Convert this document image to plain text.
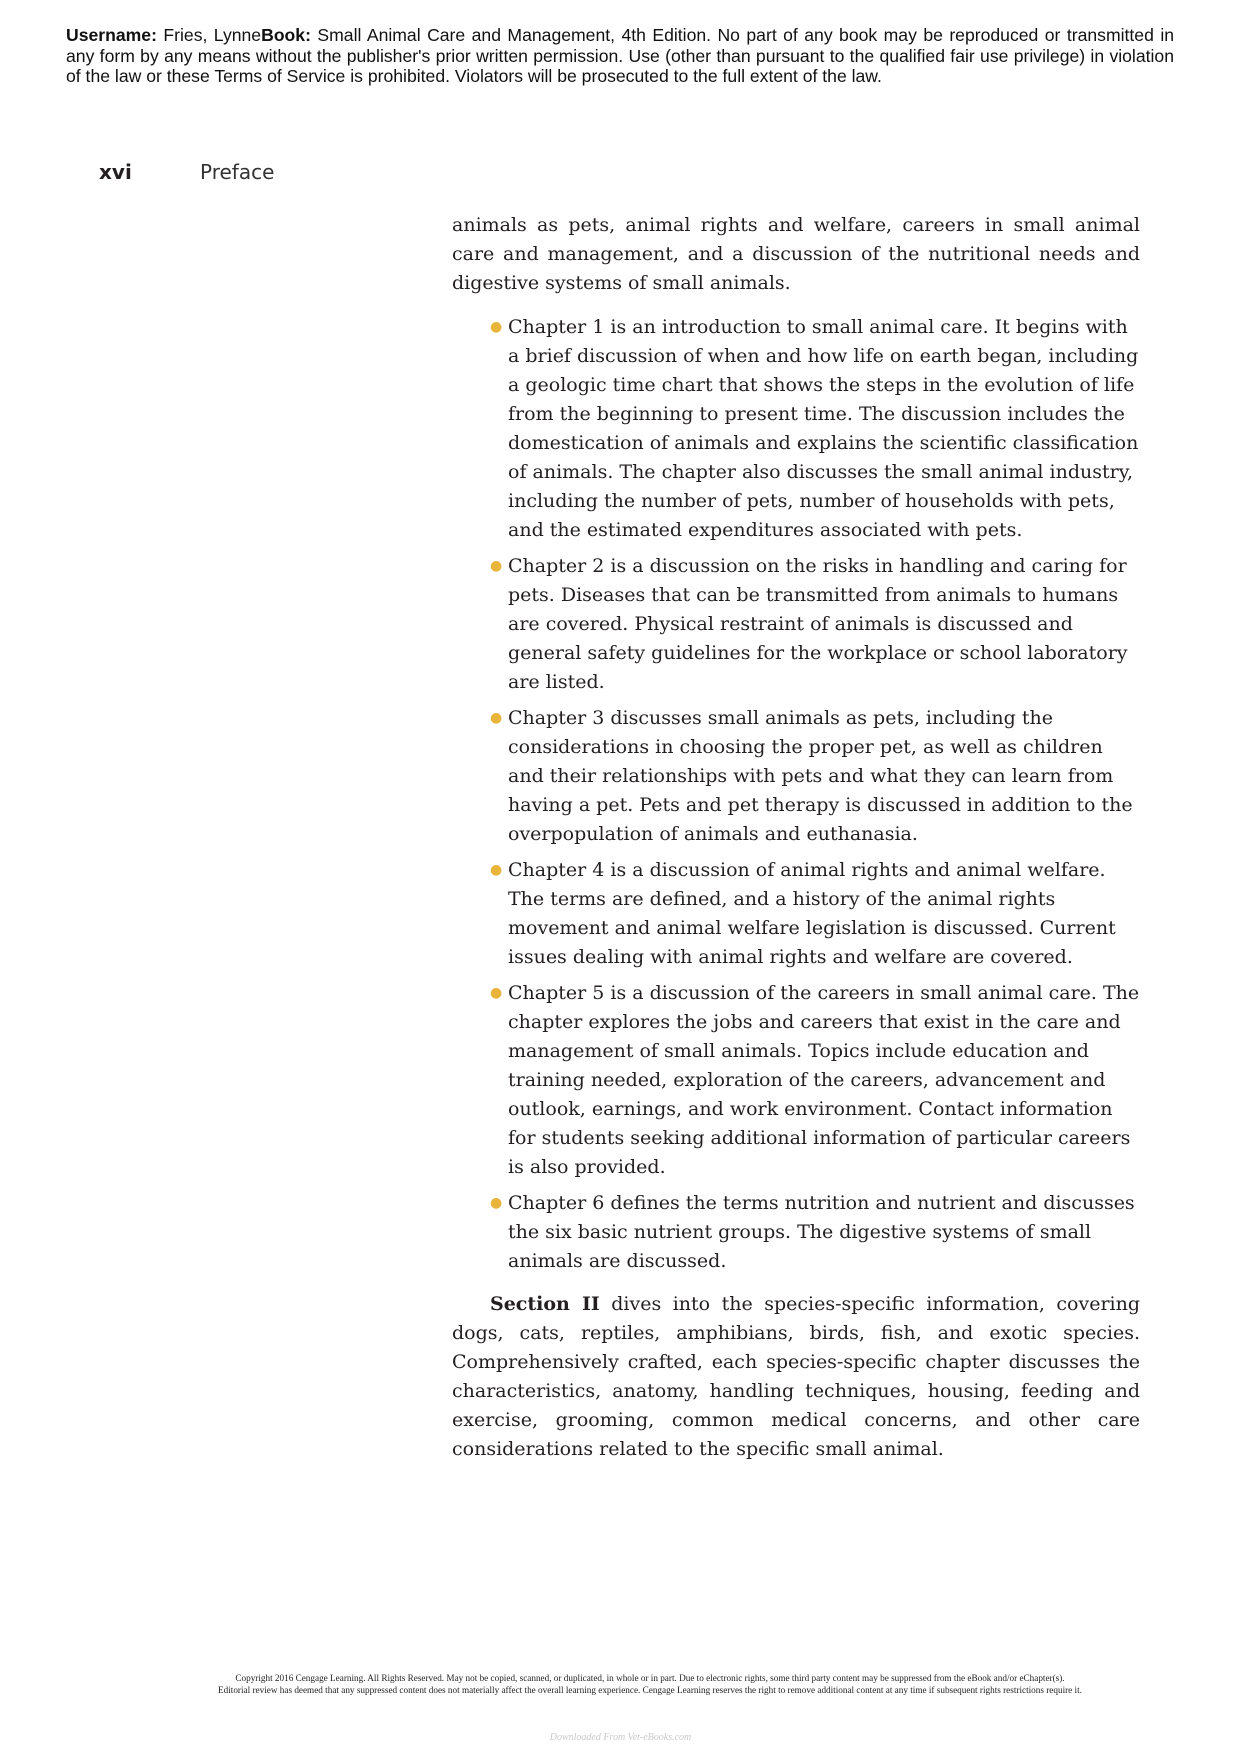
Username: Fries, LynneBook: Small Animal Care and Management, 4th Edition. No part of any book may be reproduced or transmitted in any form by any means without the publisher's prior written permission. Use (other than pursuant to the qualified fair use privilege) in violation of the law or these Terms of Service is prohibited. Violators will be prosecuted to the full extent of the law.
xvi	Preface

animals as pets, animal rights and welfare, careers in small animal care and management, and a discussion of the nutritional needs and digestive systems of small animals.

● Chapter 1 is an introduction to small animal care. It begins with a brief discussion of when and how life on earth began, including a geologic time chart that shows the steps in the evolution of life from the beginning to present time. The discussion includes the domestication of animals and explains the scientific classification of animals. The chapter also discusses the small animal industry, including the number of pets, number of households with pets, and the estimated expenditures associated with pets.
● Chapter 2 is a discussion on the risks in handling and caring for pets. Diseases that can be transmitted from animals to humans are covered. Physical restraint of animals is discussed and general safety guidelines for the workplace or school laboratory are listed.
● Chapter 3 discusses small animals as pets, including the considerations in choosing the proper pet, as well as children and their relationships with pets and what they can learn from having a pet. Pets and pet therapy is discussed in addition to the overpopulation of animals and euthanasia.
● Chapter 4 is a discussion of animal rights and animal welfare. The terms are defined, and a history of the animal rights movement and animal welfare legislation is discussed. Current issues dealing with animal rights and welfare are covered.
● Chapter 5 is a discussion of the careers in small animal care. The chapter explores the jobs and careers that exist in the care and management of small animals. Topics include education and training needed, exploration of the careers, advancement and outlook, earnings, and work environment. Contact information for students seeking additional information of particular careers is also provided.
● Chapter 6 defines the terms nutrition and nutrient and discusses the six basic nutrient groups. The digestive systems of small animals are discussed.

Section II dives into the species-specific information, covering dogs, cats, reptiles, amphibians, birds, fish, and exotic species. Comprehensively crafted, each species-specific chapter discusses the characteristics, anatomy, handling techniques, housing, feeding and exercise, grooming, common medical concerns, and other care considerations related to the specific small animal.

Copyright 2016 Cengage Learning. All Rights Reserved. May not be copied, scanned, or duplicated, in whole or in part. Due to electronic rights, some third party content may be suppressed from the eBook and/or eChapter(s).
Editorial review has deemed that any suppressed content does not materially affect the overall learning experience. Cengage Learning reserves the right to remove additional content at any time if subsequent rights restrictions require it.
Downloaded From Vet-eBooks.com
